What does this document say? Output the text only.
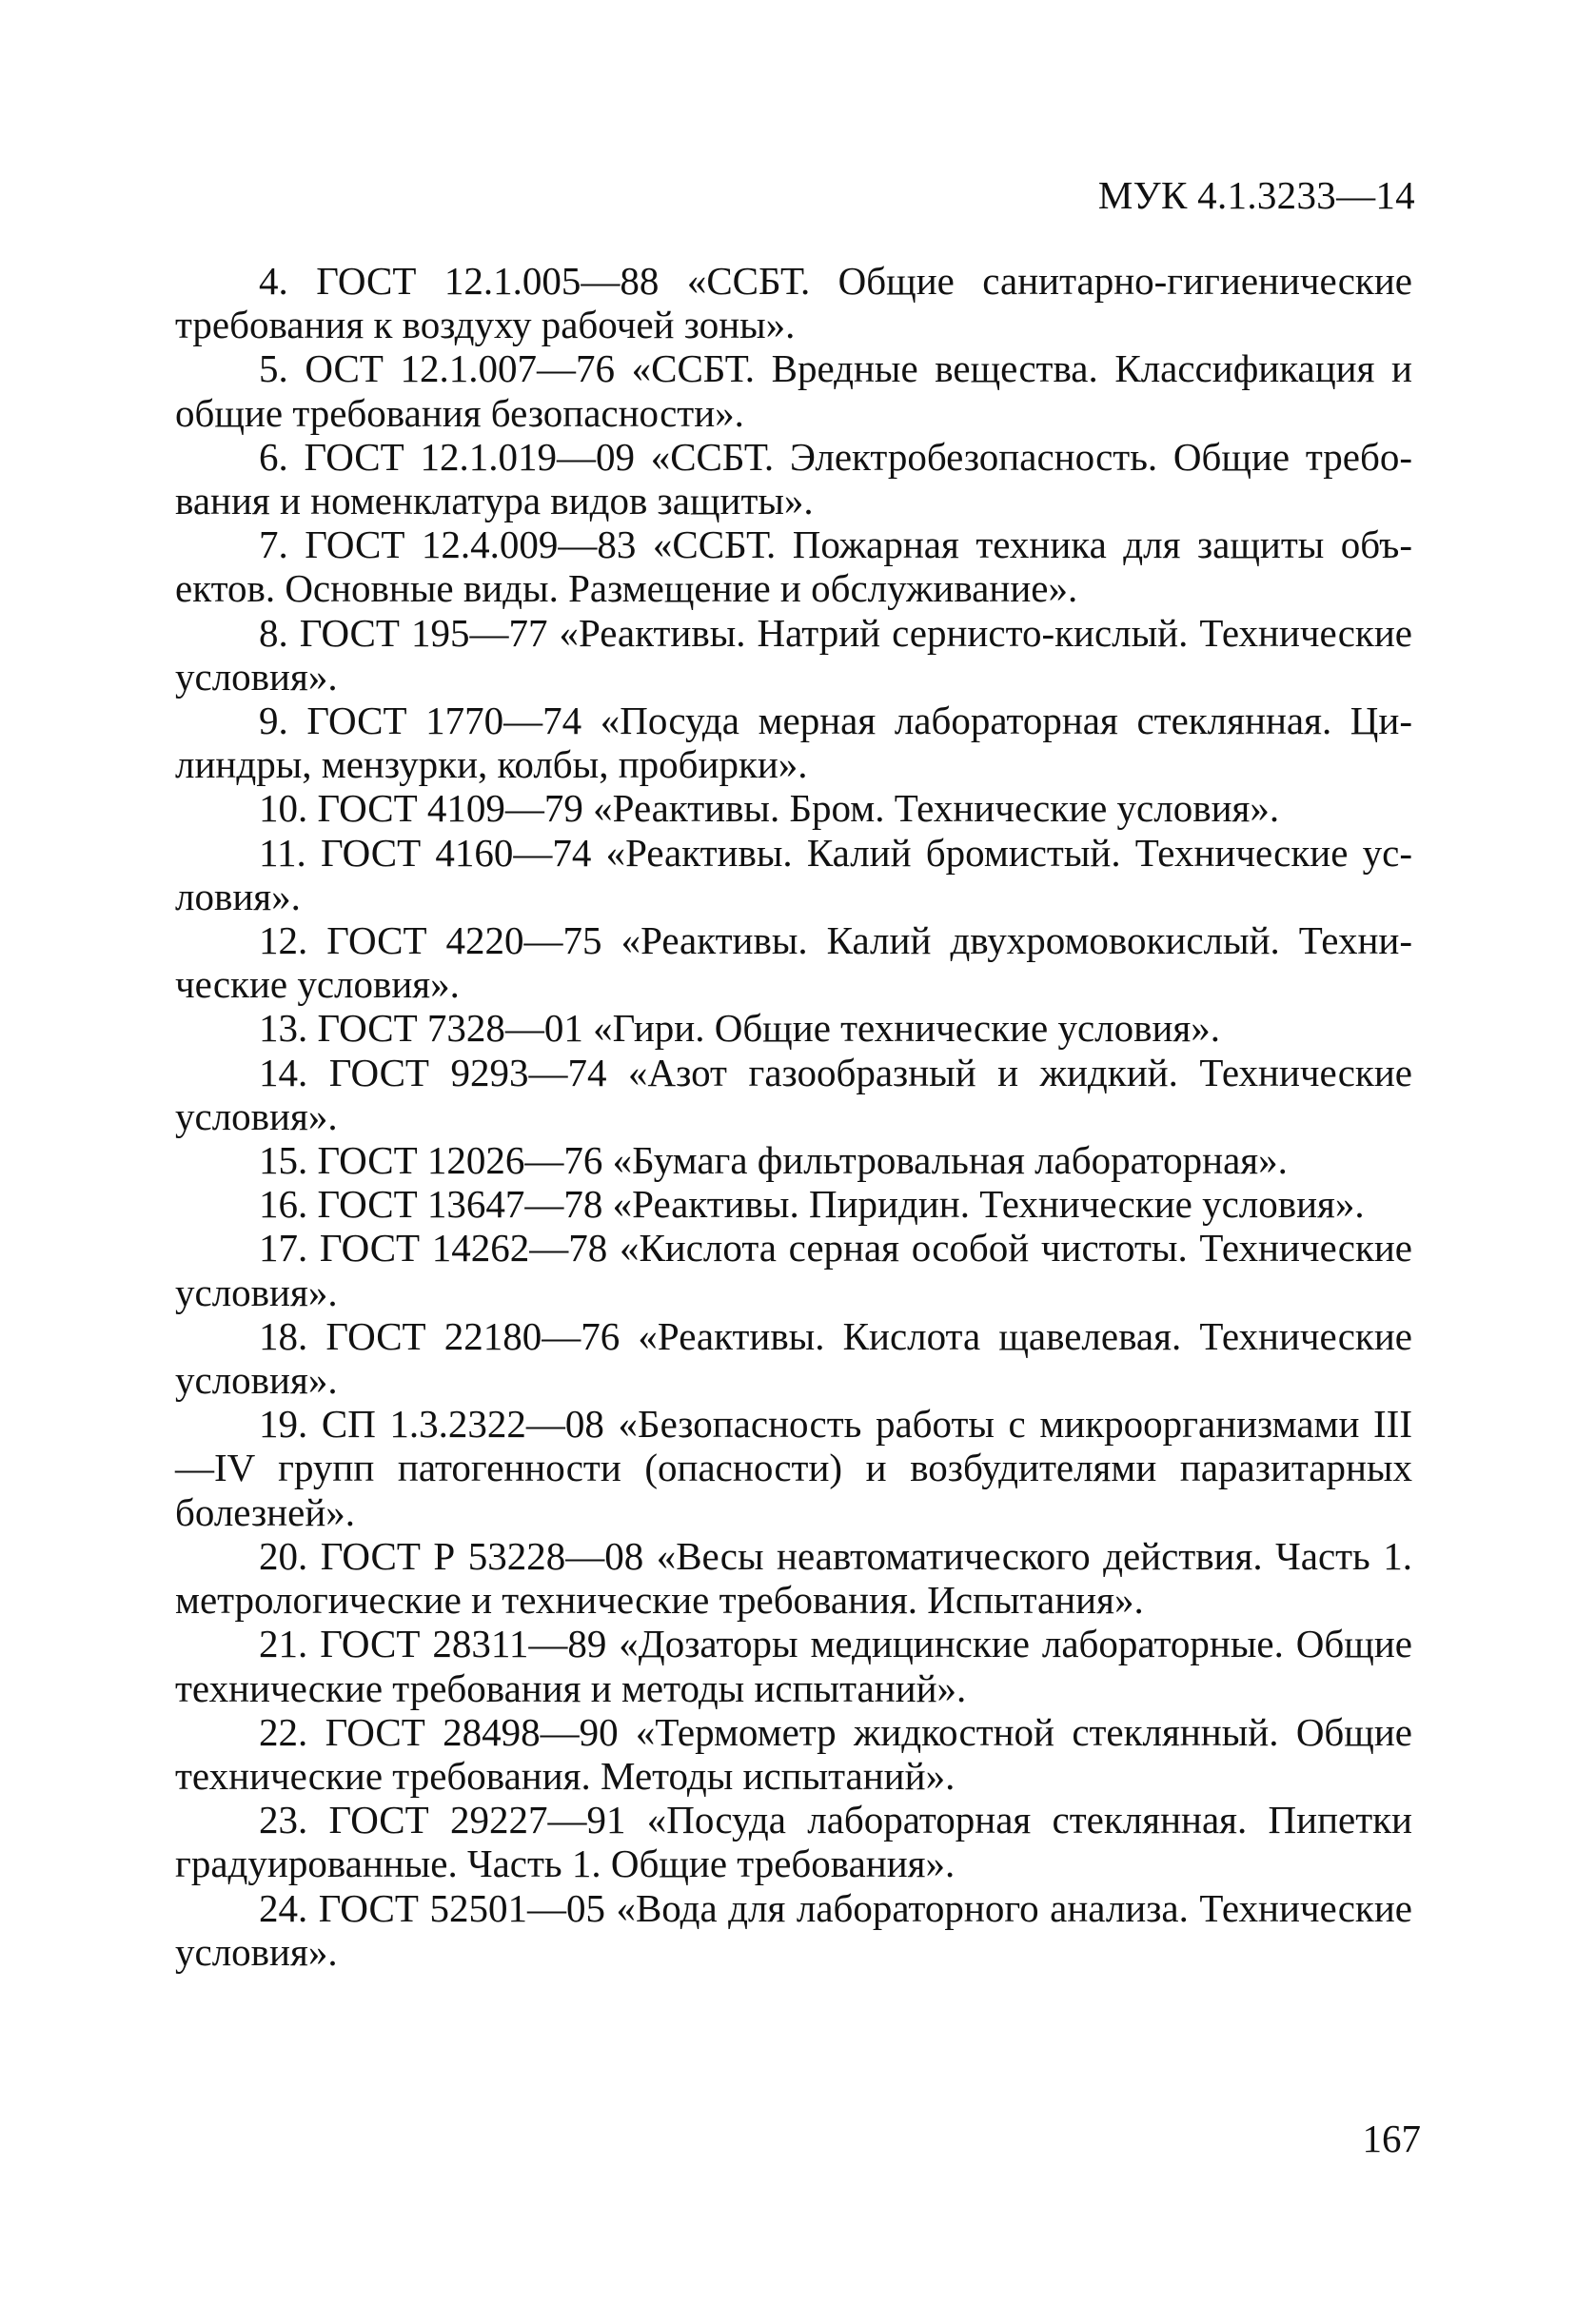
МУК 4.1.3233—14
4. ГОСТ 12.1.005—88 «ССБТ. Общие санитарно-гигиенические требования к воздуху рабочей зоны».
5. ОСТ 12.1.007—76 «ССБТ. Вредные вещества. Классификация и общие требования безопасности».
6. ГОСТ 12.1.019—09 «ССБТ. Электробезопасность. Общие требования и номенклатура видов защиты».
7. ГОСТ 12.4.009—83 «ССБТ. Пожарная техника для защиты объектов. Основные виды. Размещение и обслуживание».
8. ГОСТ 195—77 «Реактивы. Натрий сернисто-кислый. Технические условия».
9. ГОСТ 1770—74 «Посуда мерная лабораторная стеклянная. Цилиндры, мензурки, колбы, пробирки».
10. ГОСТ 4109—79 «Реактивы. Бром. Технические условия».
11. ГОСТ 4160—74 «Реактивы. Калий бромистый. Технические условия».
12. ГОСТ 4220—75 «Реактивы. Калий двухромовокислый. Технические условия».
13. ГОСТ 7328—01 «Гири. Общие технические условия».
14. ГОСТ 9293—74 «Азот газообразный и жидкий. Технические условия».
15. ГОСТ 12026—76 «Бумага фильтровальная лабораторная».
16. ГОСТ 13647—78 «Реактивы. Пиридин. Технические условия».
17. ГОСТ 14262—78 «Кислота серная особой чистоты. Технические условия».
18. ГОСТ 22180—76 «Реактивы. Кислота щавелевая. Технические условия».
19. СП 1.3.2322—08 «Безопасность работы с микроорганизмами III—IV групп патогенности (опасности) и возбудителями паразитарных болезней».
20. ГОСТ Р 53228—08 «Весы неавтоматического действия. Часть 1. метрологические и технические требования. Испытания».
21. ГОСТ 28311—89 «Дозаторы медицинские лабораторные. Общие технические требования и методы испытаний».
22. ГОСТ 28498—90 «Термометр жидкостной стеклянный. Общие технические требования. Методы испытаний».
23. ГОСТ 29227—91 «Посуда лабораторная стеклянная. Пипетки градуированные. Часть 1. Общие требования».
24. ГОСТ 52501—05 «Вода для лабораторного анализа. Технические условия».
167
